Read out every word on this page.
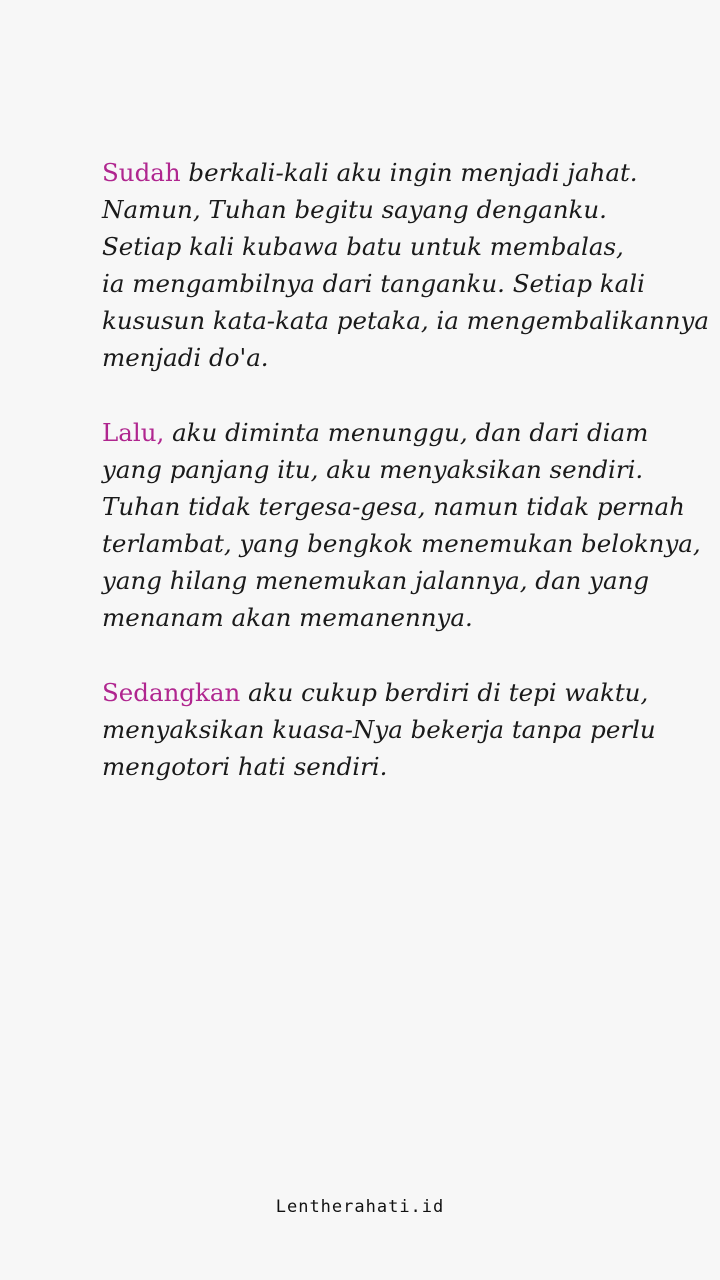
Sudah berkali-kali aku ingin menjadi jahat.
Namun, Tuhan begitu sayang denganku.
Setiap kali kubawa batu untuk membalas,
ia mengambilnya dari tanganku. Setiap kali
kususun kata-kata petaka, ia mengembalikannya
menjadi do'a.

Lalu, aku diminta menunggu, dan dari diam
yang panjang itu, aku menyaksikan sendiri.
Tuhan tidak tergesa-gesa, namun tidak pernah
terlambat, yang bengkok menemukan beloknya,
yang hilang menemukan jalannya, dan yang
menanam akan memanennya.

Sedangkan aku cukup berdiri di tepi waktu,
menyaksikan kuasa-Nya bekerja tanpa perlu
mengotori hati sendiri.

Lentherahati.id
